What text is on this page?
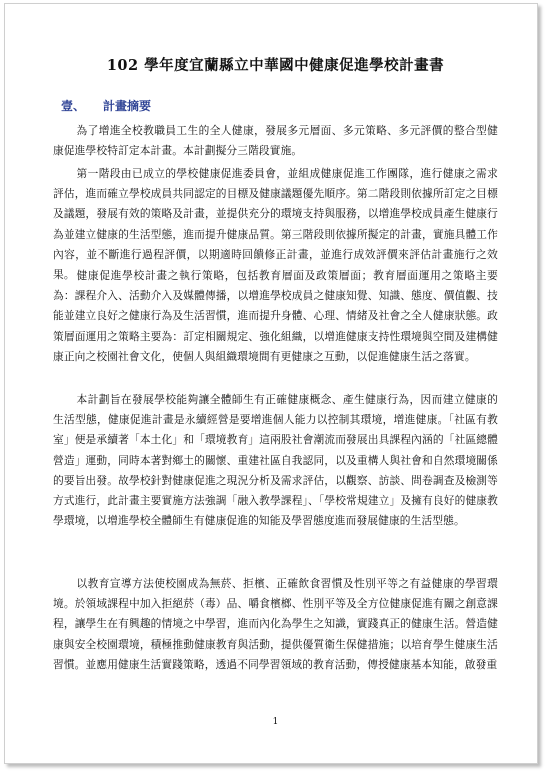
102 學年度宜蘭縣立中華國中健康促進學校計畫書
壹、 計畫摘要

為了增進全校教職員工生的全人健康，發展多元層面、多元策略、多元評價的整合型健康促進學校特訂定本計畫。本計劃擬分三階段實施。

第一階段由已成立的學校健康促進委員會，並組成健康促進工作團隊，進行健康之需求評估，進而確立學校成員共同認定的目標及健康議題優先順序。第二階段則依據所訂定之目標及議題，發展有效的策略及計畫，並提供充分的環境支持與服務，以增進學校成員產生健康行為並建立健康的生活型態，進而提升健康品質。第三階段則依據所擬定的計畫，實施具體工作內容，並不斷進行過程評價，以期適時回饋修正計畫，並進行成效評價來評估計畫施行之效果。 健康促進學校計畫之執行策略，包括教育層面及政策層面；教育層面運用之策略主要為：課程介入、活動介入及媒體傳播，以增進學校成員之健康知覺、知識、態度、價值觀、技能並建立良好之健康行為及生活習慣，進而提升身體、心理、情緒及社會之全人健康狀態。政策層面運用之策略主要為：訂定相關規定、強化組織，以增進健康支持性環境與空間及建構健康正向之校園社會文化，使個人與組織環境間有更健康之互動，以促進健康生活之落實。

本計劃旨在發展學校能夠讓全體師生有正確健康概念、產生健康行為，因而建立健康的生活型態，健康促進計畫是永續經營是要增進個人能力以控制其環境，增進健康。「社區有教室」便是承續著「本土化」和「環境教育」這兩股社會潮流而發展出具課程內涵的「社區總體營造」運動，同時本著對鄉土的關懷、重建社區自我認同，以及重構人與社會和自然環境關係的要旨出發。故學校針對健康促進之現況分析及需求評估，以觀察、訪談、問卷調查及檢測等方式進行，此計畫主要實施方法強調「融入教學課程」、「學校常規建立」及擁有良好的健康教學環境，以增進學校全體師生有健康促進的知能及學習態度進而發展健康的生活型態。

以教育宣導方法使校園成為無菸、拒檳、正確飲食習慣及性別平等之有益健康的學習環境。於領域課程中加入拒絕菸（毒）品、嚼食檳榔、性別平等及全方位健康促進有關之創意課程，讓學生在有興趣的情境之中學習，進而內化為學生之知識，實踐真正的健康生活。營造健康與安全校園環境，積極推動健康教育與活動，提供優質衛生保健措施；以培育學生健康生活習慣。並應用健康生活實踐策略，透過不同學習領域的教育活動，傳授健康基本知能，啟發重

1
